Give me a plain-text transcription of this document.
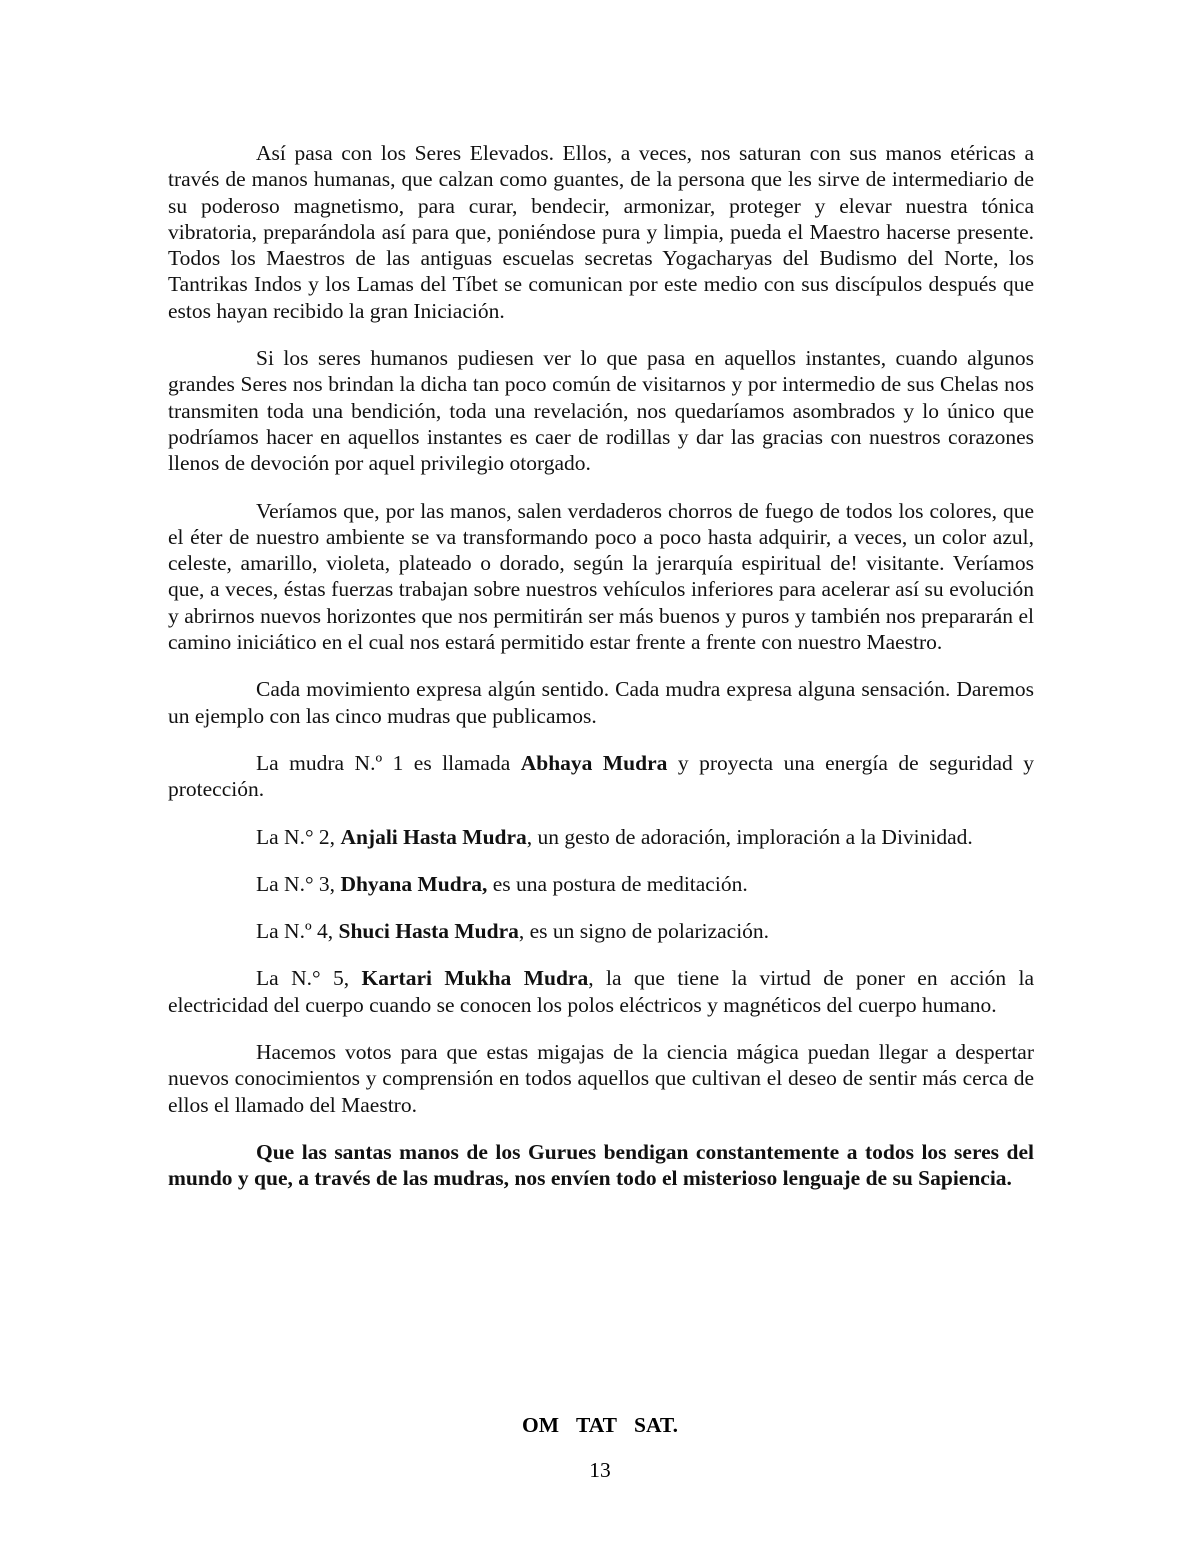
Así pasa con los Seres Elevados. Ellos, a veces, nos saturan con sus manos etéricas a través de manos humanas, que calzan como guantes, de la persona que les sirve de intermediario de su poderoso magnetismo, para curar, bendecir, armonizar, proteger y elevar nuestra tónica vibratoria, preparándola así para que, poniéndose pura y limpia, pueda el Maestro hacerse presente. Todos los Maestros de las antiguas escuelas secretas Yogacharyas del Budismo del Norte, los Tantrikas Indos y los Lamas del Tíbet se comunican por este medio con sus discípulos después que estos hayan recibido la gran Iniciación.

Si los seres humanos pudiesen ver lo que pasa en aquellos instantes, cuando algunos grandes Seres nos brindan la dicha tan poco común de visitarnos y por intermedio de sus Chelas nos transmiten toda una bendición, toda una revelación, nos quedaríamos asombrados y lo único que podríamos hacer en aquellos instantes es caer de rodillas y dar las gracias con nuestros corazones llenos de devoción por aquel privilegio otorgado.

Veríamos que, por las manos, salen verdaderos chorros de fuego de todos los colores, que el éter de nuestro ambiente se va transformando poco a poco hasta adquirir, a veces, un color azul, celeste, amarillo, violeta, plateado o dorado, según la jerarquía espiritual de! visitante. Veríamos que, a veces, éstas fuerzas trabajan sobre nuestros vehículos inferiores para acelerar así su evolución y abrirnos nuevos horizontes que nos permitirán ser más buenos y puros y también nos prepararán el camino iniciático en el cual nos estará permitido estar frente a frente con nuestro Maestro.

Cada movimiento expresa algún sentido. Cada mudra expresa alguna sensación. Daremos un ejemplo con las cinco mudras que publicamos.

La mudra N.º 1 es llamada Abhaya Mudra y proyecta una energía de seguridad y protección.

La N.° 2, Anjali Hasta Mudra, un gesto de adoración, imploración a la Divinidad.

La N.° 3, Dhyana Mudra, es una postura de meditación.

La N.º 4, Shuci Hasta Mudra, es un signo de polarización.

La N.° 5, Kartari Mukha Mudra, la que tiene la virtud de poner en acción la electricidad del cuerpo cuando se conocen los polos eléctricos y magnéticos del cuerpo humano.

Hacemos votos para que estas migajas de la ciencia mágica puedan llegar a despertar nuevos conocimientos y comprensión en todos aquellos que cultivan el deseo de sentir más cerca de ellos el llamado del Maestro.

Que las santas manos de los Gurues bendigan constantemente a todos los seres del mundo y que, a través de las mudras, nos envíen todo el misterioso lenguaje de su Sapiencia.

OM TAT SAT.
13
